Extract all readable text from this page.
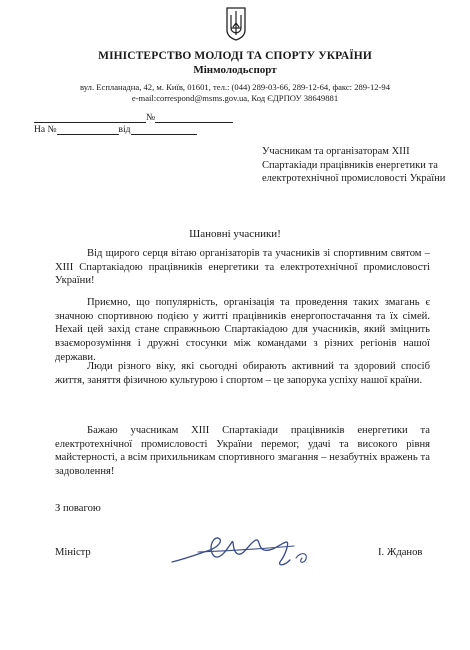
МІНІСТЕРСТВО МОЛОДІ ТА СПОРТУ УКРАЇНИ
Мінмолодьспорт
вул. Еспланадна, 42, м. Київ, 01601, тел.: (044) 289-03-66, 289-12-64, факс: 289-12-94
e-mail:correspond@msms.gov.ua, Код ЄДРПОУ 38649881
№
На №	від
Учасникам та організаторам ХІІІ Спартакіади працівників енергетики та електротехнічної промисловості України
Шановні учасники!
Від щирого серця вітаю організаторів та учасників зі спортивним святом – ХІІІ Спартакіадою працівників енергетики та електротехнічної промисловості України!
Приємно, що популярність, організація та проведення таких змагань є значною спортивною подією у житті працівників енергопостачання та їх сімей. Нехай цей захід стане справжньою Спартакіадою для учасників, який зміцнить взаєморозуміння і дружні стосунки між командами з різних регіонів нашої держави.
Люди різного віку, які сьогодні обирають активний та здоровий спосіб життя, заняття фізичною культурою і спортом – це запорука успіху нашої країни.
Бажаю учасникам ХІІІ Спартакіади працівників енергетики та електротехнічної промисловості України перемог, удачі та високого рівня майстерності, а всім прихильникам спортивного змагання – незабутніх вражень та задоволення!
З повагою
Міністр	І. Жданов
